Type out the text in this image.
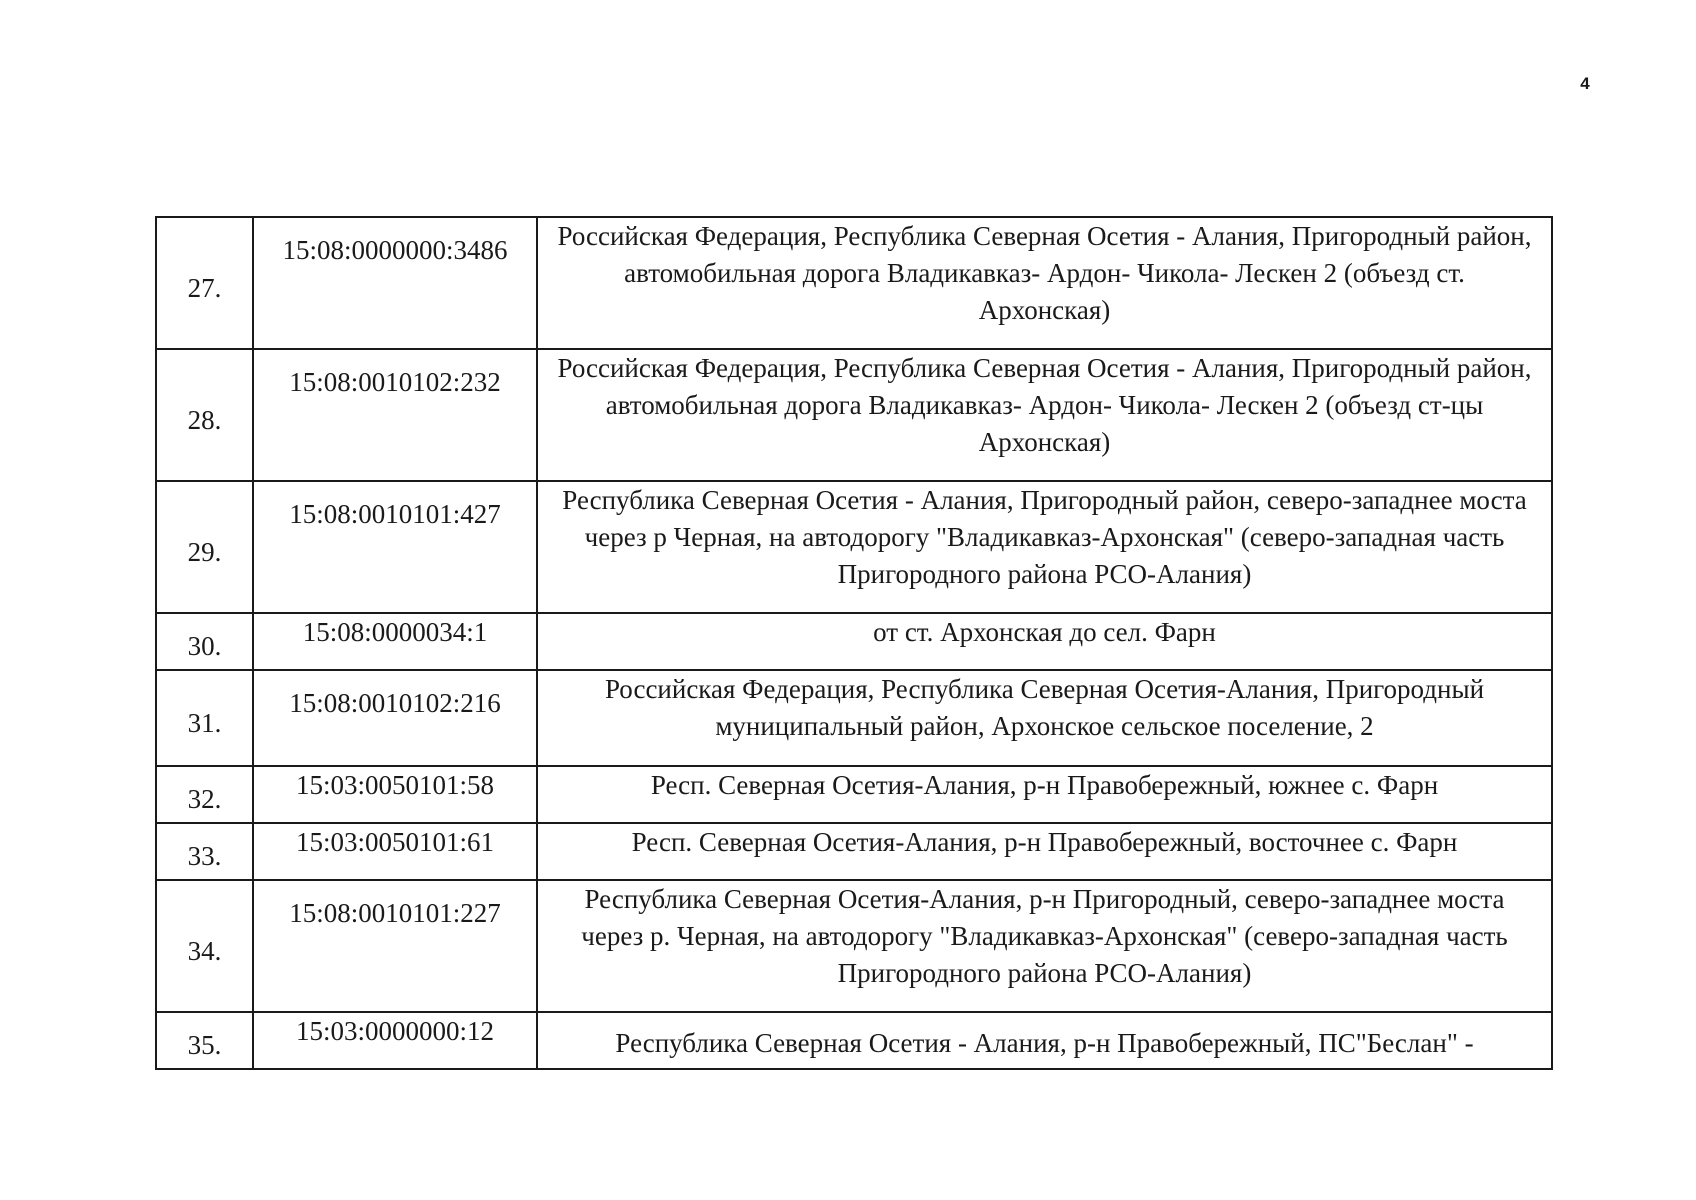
4
27.	15:08:0000000:3486	Российская Федерация, Республика Северная Осетия - Алания, Пригородный район, автомобильная дорога Владикавказ- Ардон- Чикола- Лескен 2 (объезд ст. Архонская)
28.	15:08:0010102:232	Российская Федерация, Республика Северная Осетия - Алания, Пригородный район, автомобильная дорога Владикавказ- Ардон- Чикола- Лескен 2 (объезд ст-цы Архонская)
29.	15:08:0010101:427	Республика Северная Осетия - Алания, Пригородный район, северо-западнее моста через р Черная, на автодорогу "Владикавказ-Архонская" (северо-западная часть Пригородного района РСО-Алания)
30.	15:08:0000034:1	от ст. Архонская до сел. Фарн
31.	15:08:0010102:216	Российская Федерация, Республика Северная Осетия-Алания, Пригородный муниципальный район, Архонское сельское поселение, 2
32.	15:03:0050101:58	Респ. Северная Осетия-Алания, р-н Правобережный, южнее с. Фарн
33.	15:03:0050101:61	Респ. Северная Осетия-Алания, р-н Правобережный, восточнее с. Фарн
34.	15:08:0010101:227	Республика Северная Осетия-Алания, р-н Пригородный, северо-западнее моста через р. Черная, на автодорогу "Владикавказ-Архонская" (северо-западная часть Пригородного района РСО-Алания)
35.	15:03:0000000:12	Республика Северная Осетия - Алания, р-н Правобережный, ПС"Беслан" -
